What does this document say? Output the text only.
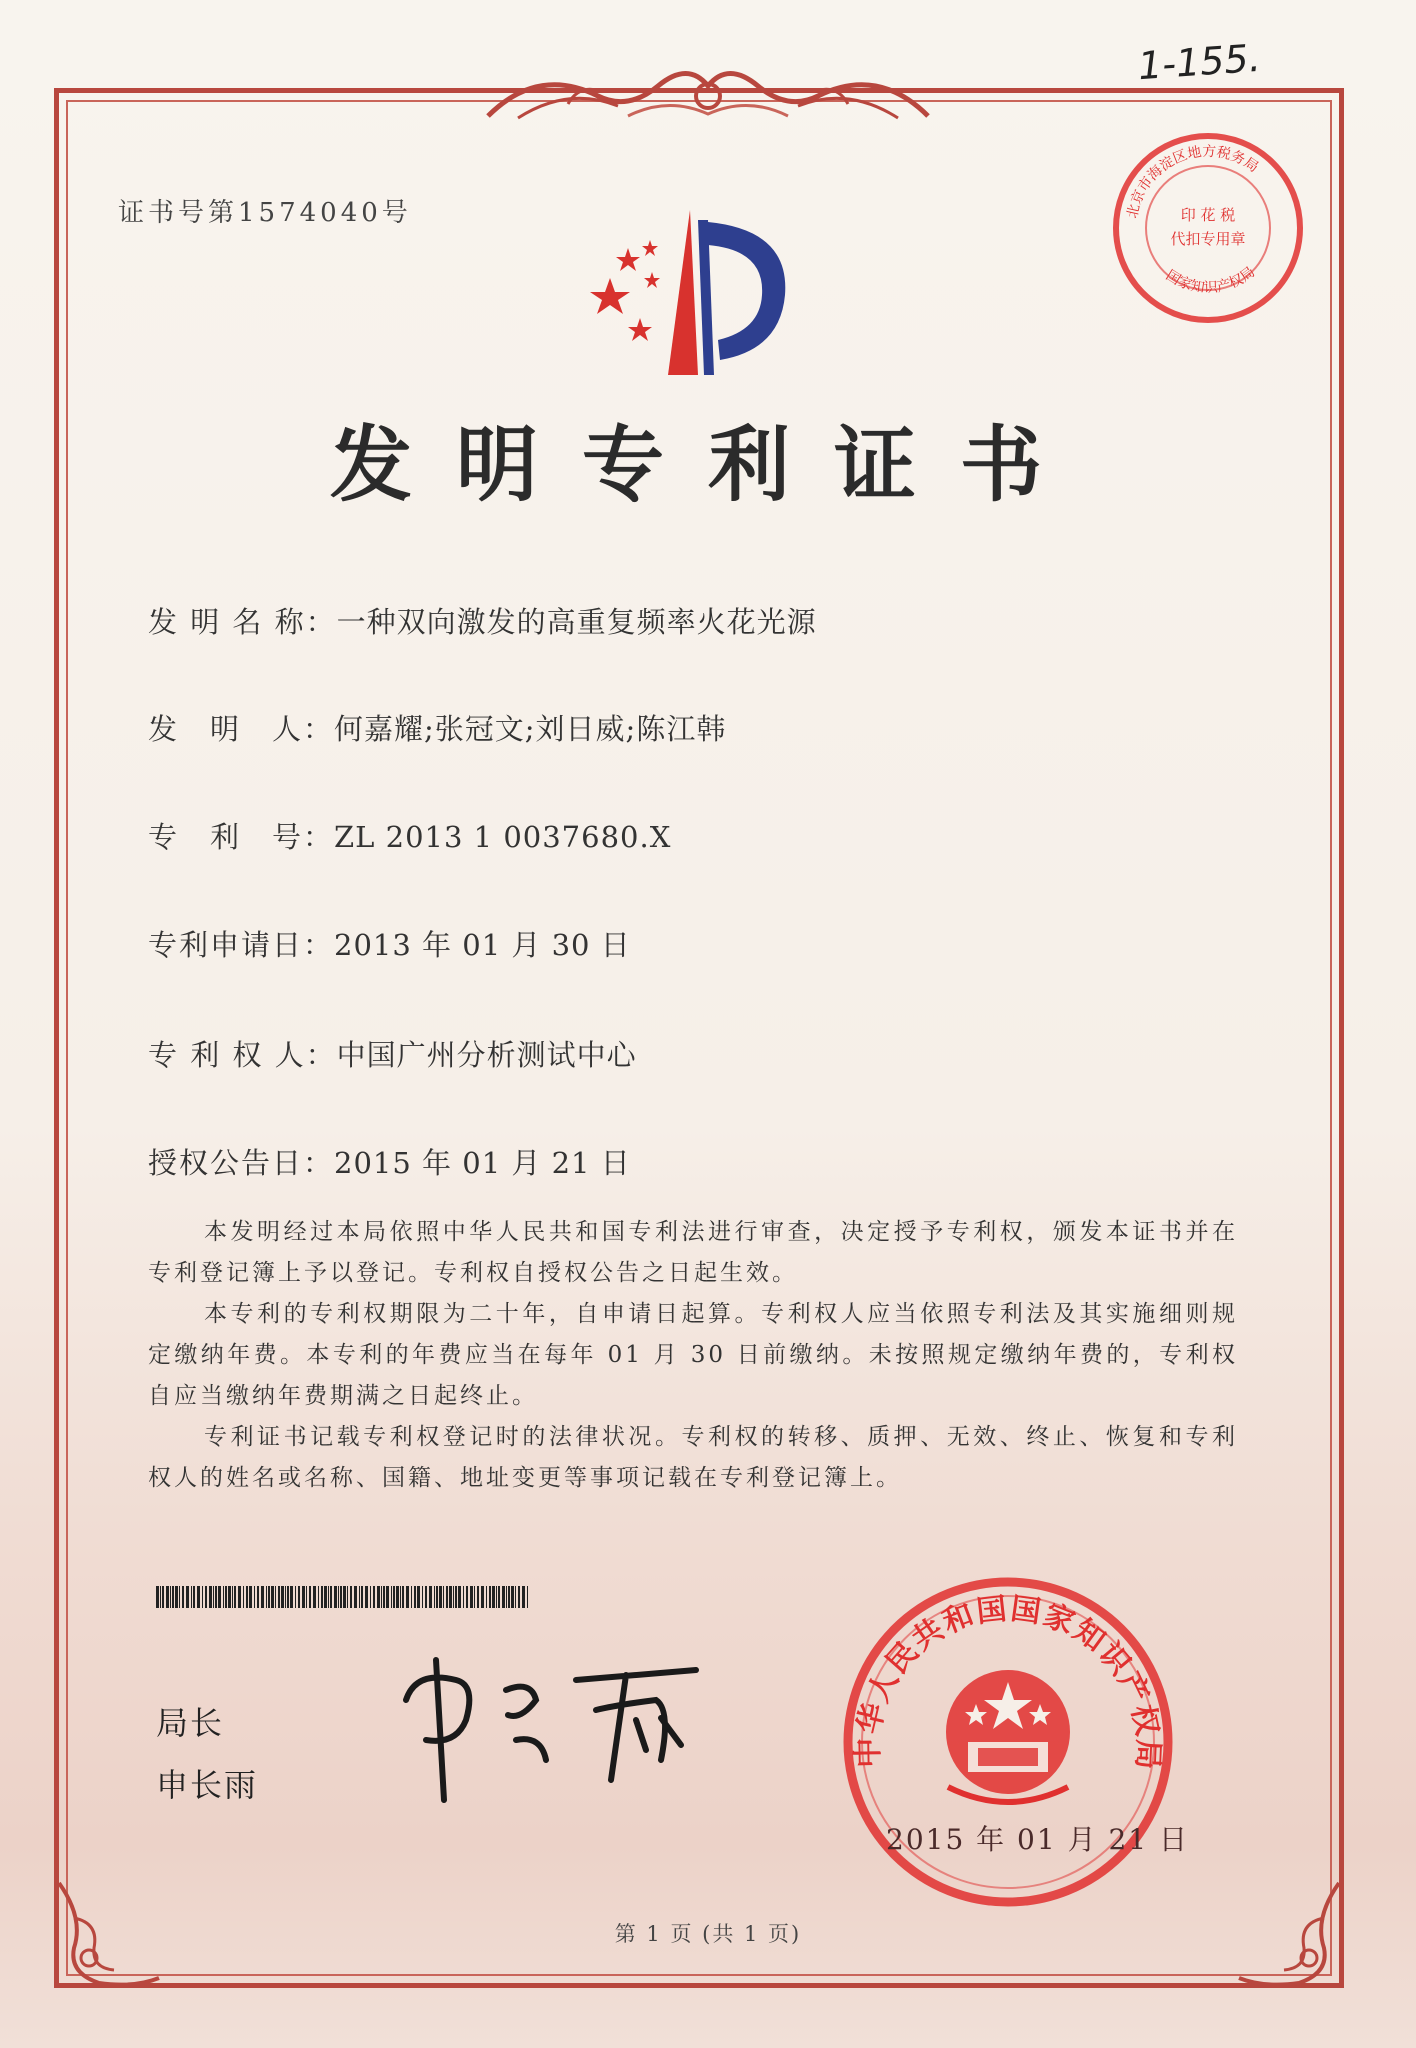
1-155.
证书号第1574040号	印 花 税
代扣专用章
北京市海淀区地方税务局
国家知识产权局
发明专利证书
发 明 名 称：一种双向激发的高重复频率火花光源
发　明　人：何嘉耀;张冠文;刘日威;陈江韩
专　利　号：ZL 2013 1 0037680.X
专利申请日：2013 年 01 月 30 日
专 利 权 人：中国广州分析测试中心
授权公告日：2015 年 01 月 21 日

本发明经过本局依照中华人民共和国专利法进行审查，决定授予专利权，颁发本证书并在专利登记簿上予以登记。专利权自授权公告之日起生效。

本专利的专利权期限为二十年，自申请日起算。专利权人应当依照专利法及其实施细则规定缴纳年费。本专利的年费应当在每年 01 月 30 日前缴纳。未按照规定缴纳年费的，专利权自应当缴纳年费期满之日起终止。

专利证书记载专利权登记时的法律状况。专利权的转移、质押、无效、终止、恢复和专利权人的姓名或名称、国籍、地址变更等事项记载在专利登记簿上。

局长
申长雨
中华人民共和国国家知识产权局
2015 年 01 月 21 日
第 1 页 (共 1 页)
